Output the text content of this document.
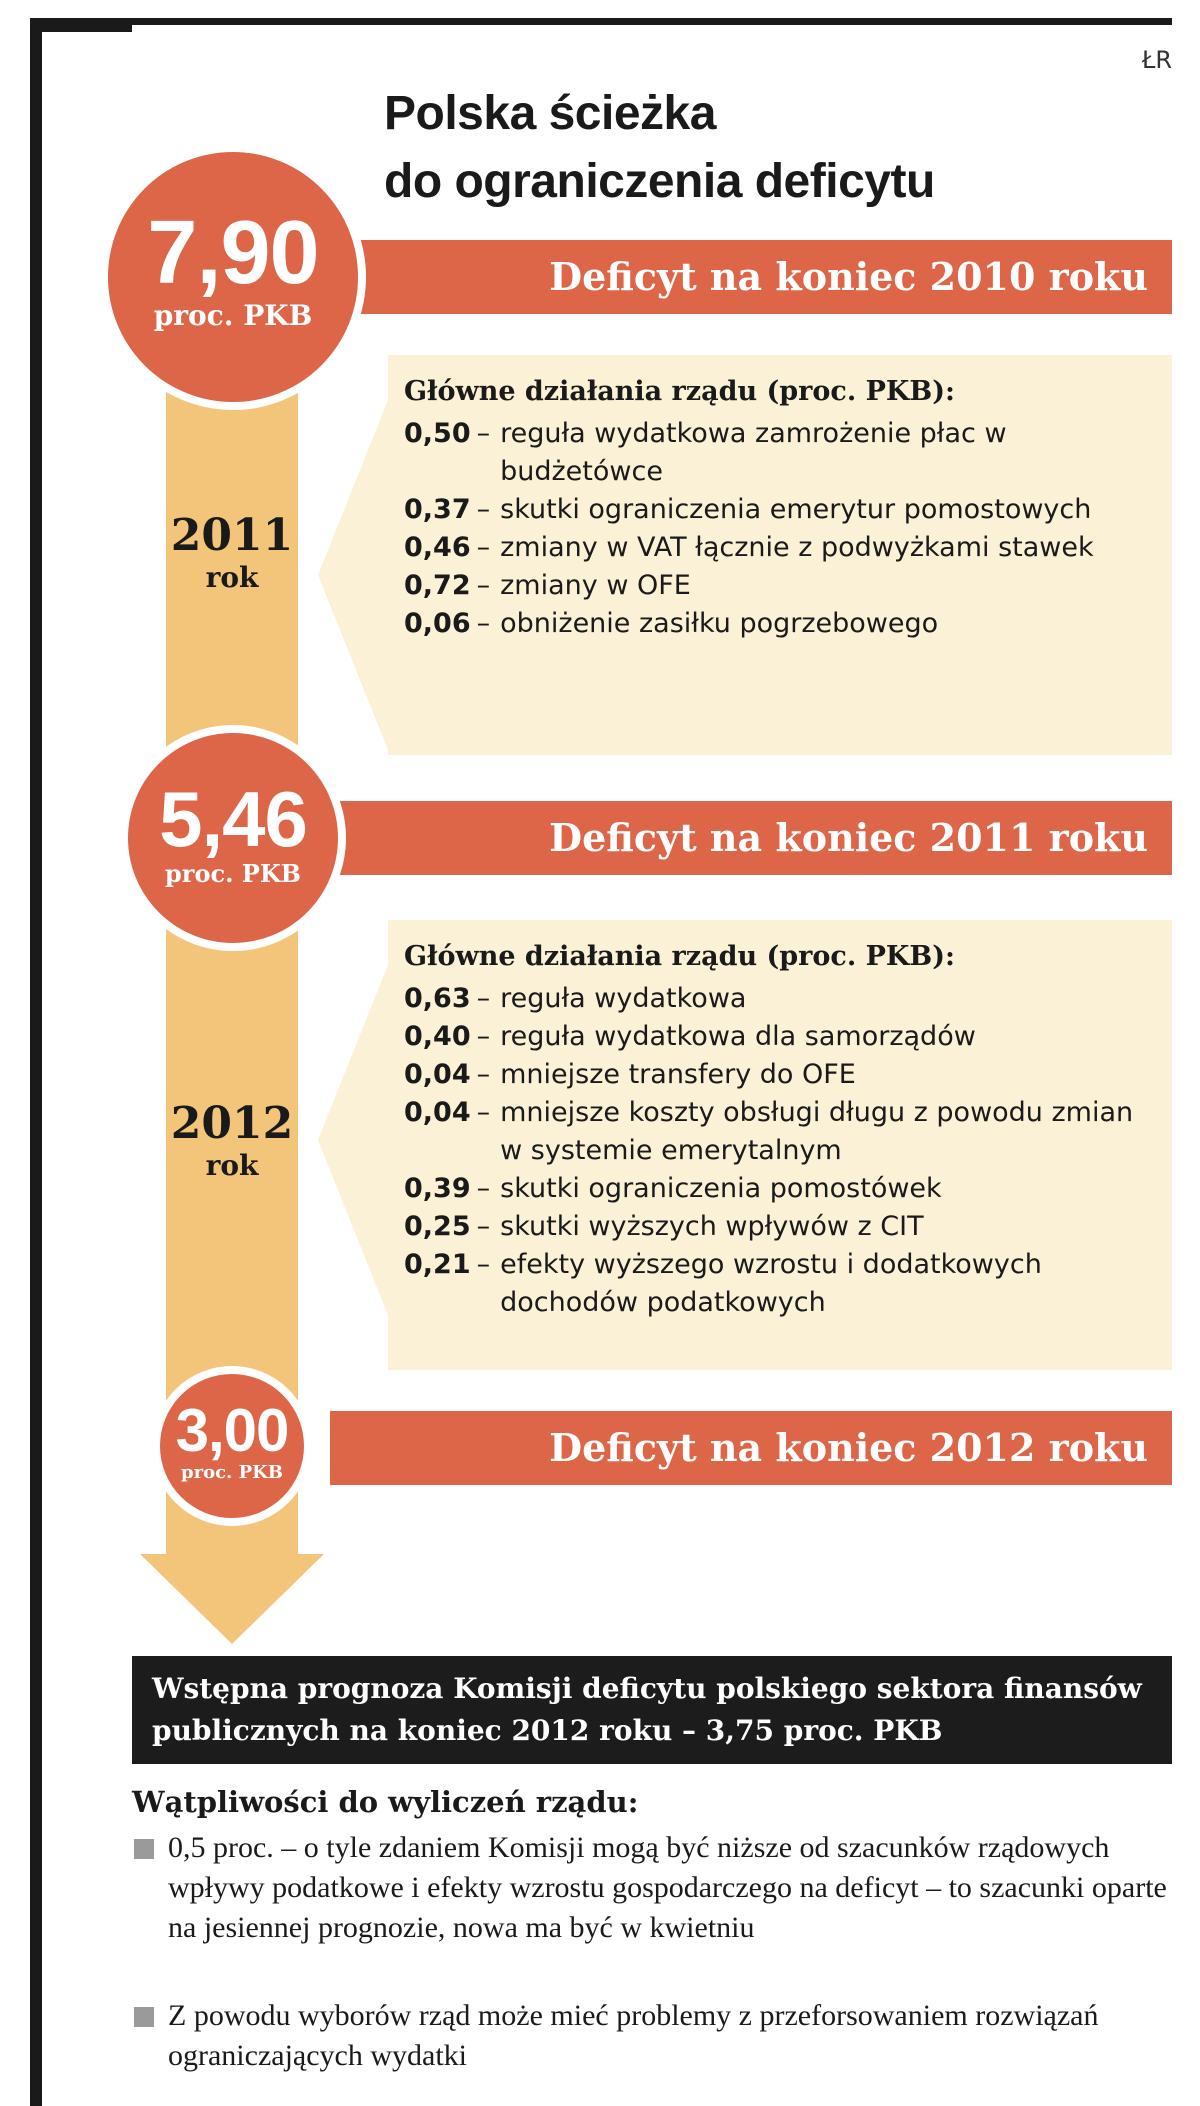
ŁR
Polska ścieżka
do ograniczenia deficytu
2011
rok
2012
rok
Deficyt na koniec 2010 roku
7,90
proc. PKB
Główne działania rządu (proc. PKB):
0,50 – reguła wydatkowa zamrożenie płac w budżetówce
0,37 – skutki ograniczenia emerytur pomostowych
0,46 – zmiany w VAT łącznie z podwyżkami stawek
0,72 – zmiany w OFE
0,06 – obniżenie zasiłku pogrzebowego
Deficyt na koniec 2011 roku
5,46
proc. PKB
Główne działania rządu (proc. PKB):
0,63 – reguła wydatkowa
0,40 – reguła wydatkowa dla samorządów
0,04 – mniejsze transfery do OFE
0,04 – mniejsze koszty obsługi długu z powodu zmian w systemie emerytalnym
0,39 – skutki ograniczenia pomostówek
0,25 – skutki wyższych wpływów z CIT
0,21 – efekty wyższego wzrostu i dodatkowych dochodów podatkowych
Deficyt na koniec 2012 roku
3,00
proc. PKB
Wstępna prognoza Komisji deficytu polskiego sektora finansów publicznych na koniec 2012 roku – 3,75 proc. PKB
Wątpliwości do wyliczeń rządu:
0,5 proc. – o tyle zdaniem Komisji mogą być niższe od szacunków rządowych wpływy podatkowe i efekty wzrostu gospodarczego na deficyt – to szacunki oparte na jesiennej prognozie, nowa ma być w kwietniu
Z powodu wyborów rząd może mieć problemy z przeforsowaniem rozwiązań ograniczających wydatki
